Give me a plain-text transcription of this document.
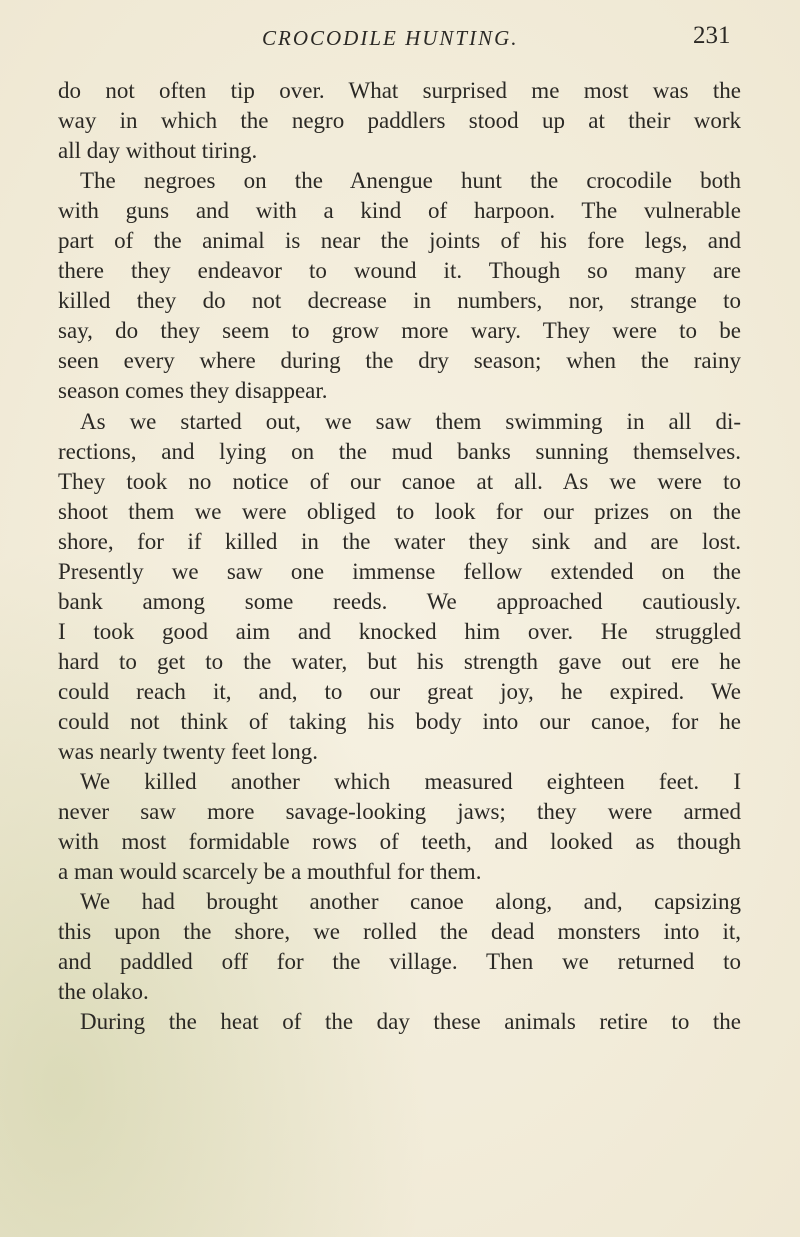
CROCODILE HUNTING.	231
do not often tip over. What surprised me most was the
way in which the negro paddlers stood up at their work
all day without tiring.
The negroes on the Anengue hunt the crocodile both
with guns and with a kind of harpoon. The vulnerable
part of the animal is near the joints of his fore legs, and
there they endeavor to wound it. Though so many are
killed they do not decrease in numbers, nor, strange to
say, do they seem to grow more wary. They were to be
seen every where during the dry season; when the rainy
season comes they disappear.
As we started out, we saw them swimming in all di-
rections, and lying on the mud banks sunning themselves.
They took no notice of our canoe at all. As we were to
shoot them we were obliged to look for our prizes on the
shore, for if killed in the water they sink and are lost.
Presently we saw one immense fellow extended on the
bank among some reeds. We approached cautiously.
I took good aim and knocked him over. He struggled
hard to get to the water, but his strength gave out ere he
could reach it, and, to our great joy, he expired. We
could not think of taking his body into our canoe, for he
was nearly twenty feet long.
We killed another which measured eighteen feet. I
never saw more savage-looking jaws; they were armed
with most formidable rows of teeth, and looked as though
a man would scarcely be a mouthful for them.
We had brought another canoe along, and, capsizing
this upon the shore, we rolled the dead monsters into it,
and paddled off for the village. Then we returned to
the olako.
During the heat of the day these animals retire to the
